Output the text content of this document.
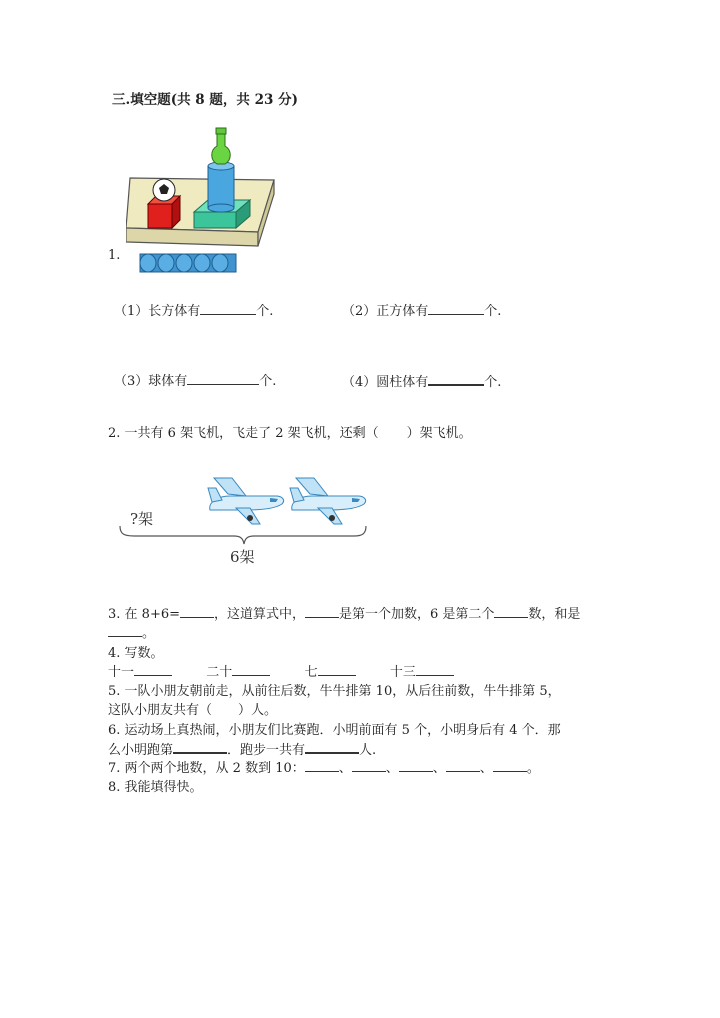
三.填空题(共 8 题，共 23 分)
1.
（1）长方体有	个.	（2）正方体有	个.
（3）球体有	个.	（4）圆柱体有	个.
2. 一共有 6 架飞机，飞走了 2 架飞机，还剩（ ）架飞机。
?架
6架
3. 在 8+6=	，这道算式中，	是第一个加数，6 是第二个	数，和是
。
4. 写数。
十一	二十	七	十三
5. 一队小朋友朝前走，从前往后数，牛牛排第 10，从后往前数，牛牛排第 5，
这队小朋友共有（ ）人。
6. 运动场上真热闹，小朋友们比赛跑．小明前面有 5 个，小明身后有 4 个．那
么小明跑第	．跑步一共有	人.
7. 两个两个地数，从 2 数到 10：	、	、	、	、	。
8. 我能填得快。
